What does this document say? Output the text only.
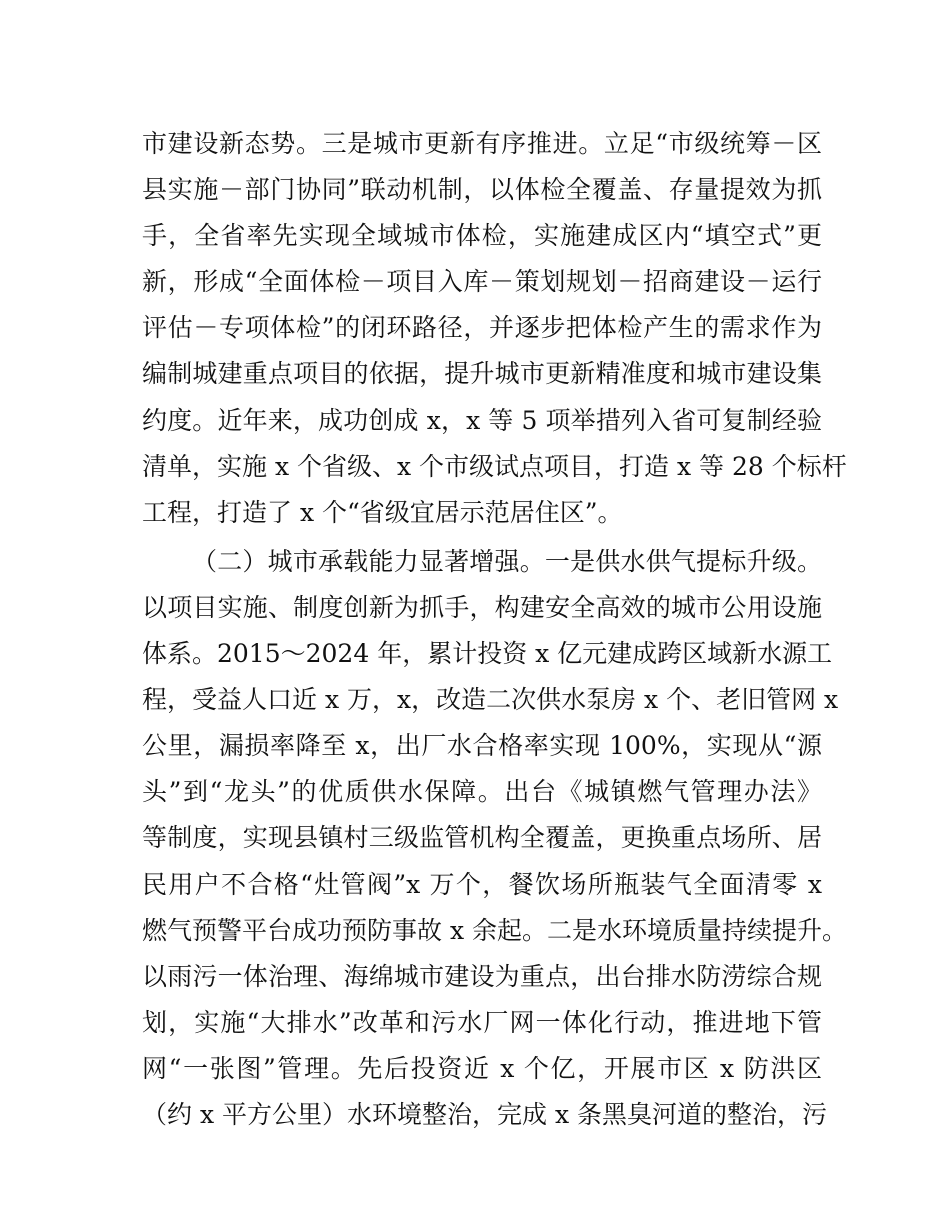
市建设新态势。三是城市更新有序推进。立足“市级统筹－区
县实施－部门协同”联动机制，以体检全覆盖、存量提效为抓
手，全省率先实现全域城市体检，实施建成区内“填空式”更
新，形成“全面体检－项目入库－策划规划－招商建设－运行
评估－专项体检”的闭环路径，并逐步把体检产生的需求作为
编制城建重点项目的依据，提升城市更新精准度和城市建设集
约度。近年来，成功创成 x，x 等 5 项举措列入省可复制经验
清单，实施 x 个省级、x 个市级试点项目，打造 x 等 28 个标杆
工程，打造了 x 个“省级宜居示范居住区”。
（二）城市承载能力显著增强。一是供水供气提标升级。
以项目实施、制度创新为抓手，构建安全高效的城市公用设施
体系。2015～2024 年，累计投资 x 亿元建成跨区域新水源工
程，受益人口近 x 万，x，改造二次供水泵房 x 个、老旧管网 x
公里，漏损率降至 x，出厂水合格率实现 100%，实现从“源
头”到“龙头”的优质供水保障。出台《城镇燃气管理办法》
等制度，实现县镇村三级监管机构全覆盖，更换重点场所、居
民用户不合格“灶管阀”x 万个，餐饮场所瓶装气全面清零 x
燃气预警平台成功预防事故 x 余起。二是水环境质量持续提升。
以雨污一体治理、海绵城市建设为重点，出台排水防涝综合规
划，实施“大排水”改革和污水厂网一体化行动，推进地下管
网“一张图”管理。先后投资近 x 个亿，开展市区 x 防洪区
（约 x 平方公里）水环境整治，完成 x 条黑臭河道的整治，污
